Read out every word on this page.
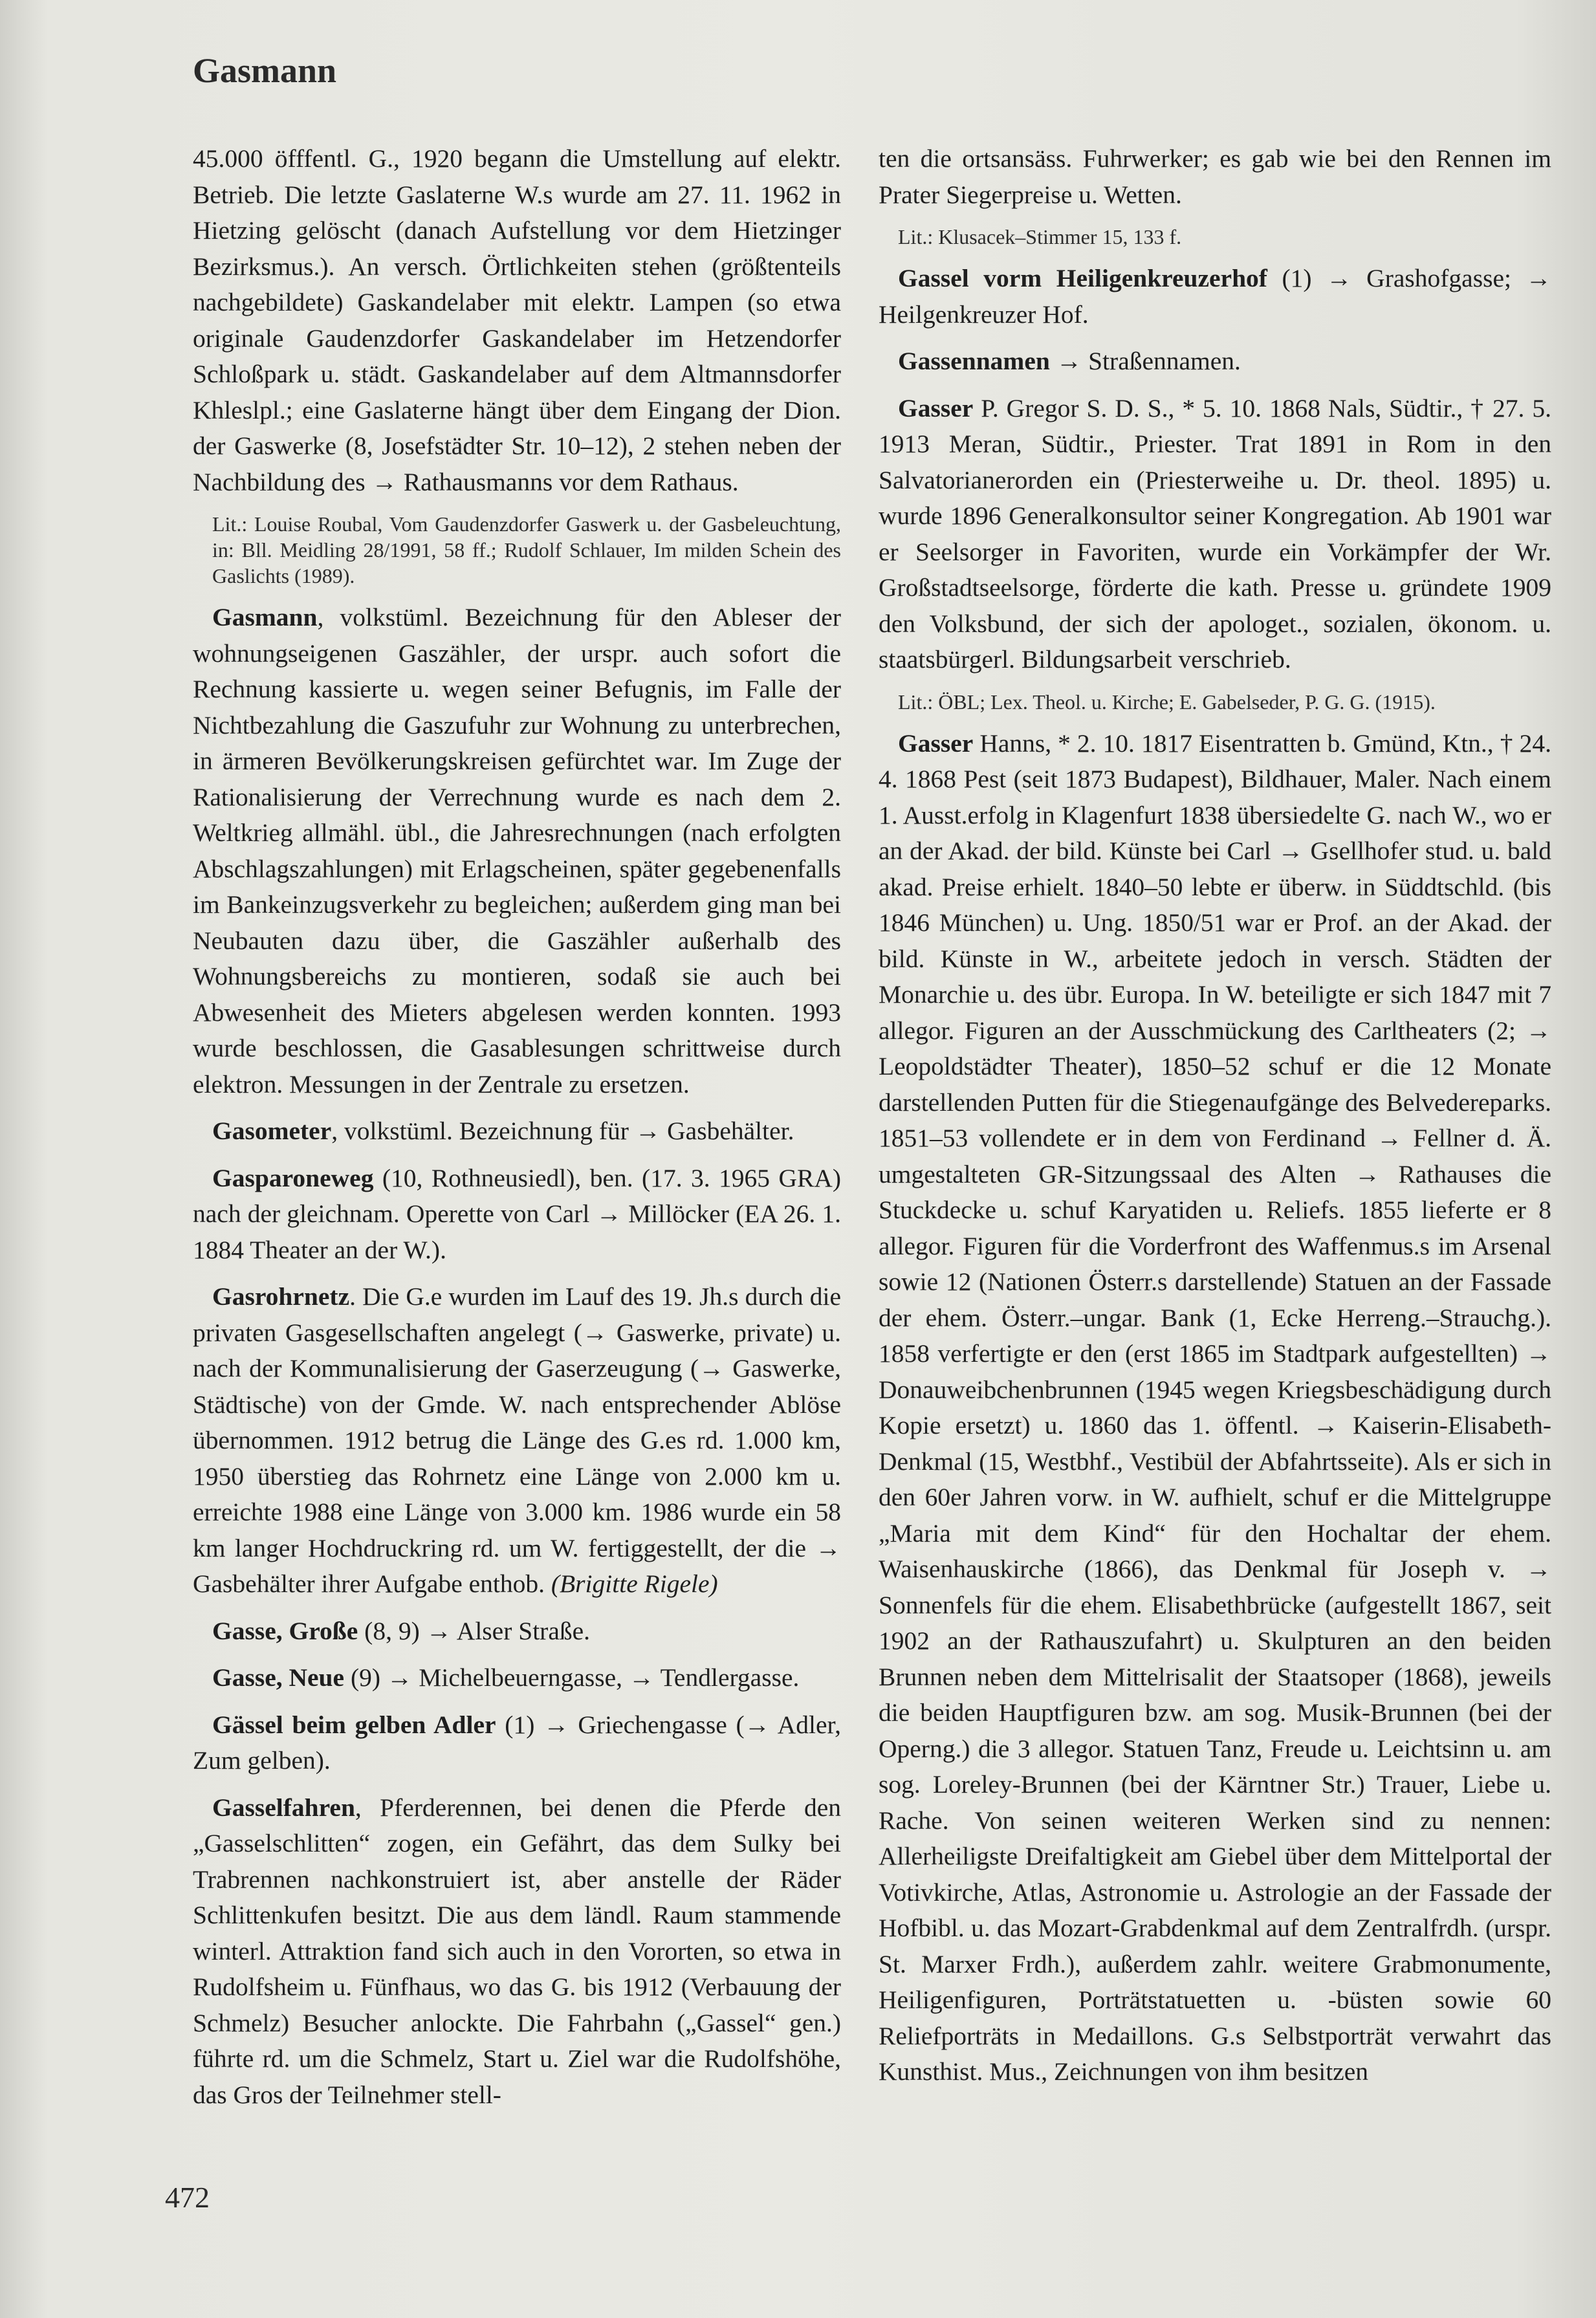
Gasmann

45.000 öfffentl. G., 1920 begann die Umstellung auf elektr. Betrieb. Die letzte Gaslaterne W.s wurde am 27. 11. 1962 in Hietzing gelöscht (danach Aufstellung vor dem Hietzinger Bezirksmus.). An versch. Örtlichkeiten stehen (größtenteils nachgebildete) Gaskandelaber mit elektr. Lampen (so etwa originale Gaudenzdorfer Gaskandelaber im Hetzendorfer Schloßpark u. städt. Gaskandelaber auf dem Altmannsdorfer Khleslpl.; eine Gaslaterne hängt über dem Eingang der Dion. der Gaswerke (8, Josefstädter Str. 10–12), 2 stehen neben der Nachbildung des → Rathausmanns vor dem Rathaus.

Lit.: Louise Roubal, Vom Gaudenzdorfer Gaswerk u. der Gasbeleuchtung, in: Bll. Meidling 28/1991, 58 ff.; Rudolf Schlauer, Im milden Schein des Gaslichts (1989).

Gasmann, volkstüml. Bezeichnung für den Ableser der wohnungseigenen Gaszähler, der urspr. auch sofort die Rechnung kassierte u. wegen seiner Befugnis, im Falle der Nichtbezahlung die Gaszufuhr zur Wohnung zu unterbrechen, in ärmeren Bevölkerungskreisen gefürchtet war. Im Zuge der Rationalisierung der Verrechnung wurde es nach dem 2. Weltkrieg allmähl. übl., die Jahresrechnungen (nach erfolgten Abschlagszahlungen) mit Erlagscheinen, später gegebenenfalls im Bankeinzugsverkehr zu begleichen; außerdem ging man bei Neubauten dazu über, die Gaszähler außerhalb des Wohnungsbereichs zu montieren, sodaß sie auch bei Abwesenheit des Mieters abgelesen werden konnten. 1993 wurde beschlossen, die Gasablesungen schrittweise durch elektron. Messungen in der Zentrale zu ersetzen.

Gasometer, volkstüml. Bezeichnung für → Gasbehälter.

Gasparoneweg (10, Rothneusiedl), ben. (17. 3. 1965 GRA) nach der gleichnam. Operette von Carl → Millöcker (EA 26. 1. 1884 Theater an der W.).

Gasrohrnetz. Die G.e wurden im Lauf des 19. Jh.s durch die privaten Gasgesellschaften angelegt (→ Gaswerke, private) u. nach der Kommunalisierung der Gaserzeugung (→ Gaswerke, Städtische) von der Gmde. W. nach entsprechender Ablöse übernommen. 1912 betrug die Länge des G.es rd. 1.000 km, 1950 überstieg das Rohrnetz eine Länge von 2.000 km u. erreichte 1988 eine Länge von 3.000 km. 1986 wurde ein 58 km langer Hochdruckring rd. um W. fertiggestellt, der die → Gasbehälter ihrer Aufgabe enthob. (Brigitte Rigele)

Gasse, Große (8, 9) → Alser Straße.

Gasse, Neue (9) → Michelbeuerngasse, → Tendlergasse.

Gässel beim gelben Adler (1) → Griechengasse (→ Adler, Zum gelben).

Gasselfahren, Pferderennen, bei denen die Pferde den „Gasselschlitten“ zogen, ein Gefährt, das dem Sulky bei Trabrennen nachkonstruiert ist, aber anstelle der Räder Schlittenkufen besitzt. Die aus dem ländl. Raum stammende winterl. Attraktion fand sich auch in den Vororten, so etwa in Rudolfsheim u. Fünfhaus, wo das G. bis 1912 (Verbauung der Schmelz) Besucher anlockte. Die Fahrbahn („Gassel“ gen.) führte rd. um die Schmelz, Start u. Ziel war die Rudolfshöhe, das Gros der Teilnehmer stell-

ten die ortsansäss. Fuhrwerker; es gab wie bei den Rennen im Prater Siegerpreise u. Wetten.

Lit.: Klusacek–Stimmer 15, 133 f.

Gassel vorm Heiligenkreuzerhof (1) → Grashofgasse; → Heilgenkreuzer Hof.

Gassennamen → Straßennamen.

Gasser P. Gregor S. D. S., * 5. 10. 1868 Nals, Südtir., † 27. 5. 1913 Meran, Südtir., Priester. Trat 1891 in Rom in den Salvatorianerorden ein (Priesterweihe u. Dr. theol. 1895) u. wurde 1896 Generalkonsultor seiner Kongregation. Ab 1901 war er Seelsorger in Favoriten, wurde ein Vorkämpfer der Wr. Großstadtseelsorge, förderte die kath. Presse u. gründete 1909 den Volksbund, der sich der apologet., sozialen, ökonom. u. staatsbürgerl. Bildungsarbeit verschrieb.

Lit.: ÖBL; Lex. Theol. u. Kirche; E. Gabelseder, P. G. G. (1915).

Gasser Hanns, * 2. 10. 1817 Eisentratten b. Gmünd, Ktn., † 24. 4. 1868 Pest (seit 1873 Budapest), Bildhauer, Maler. Nach einem 1. Ausst.erfolg in Klagenfurt 1838 übersiedelte G. nach W., wo er an der Akad. der bild. Künste bei Carl → Gsellhofer stud. u. bald akad. Preise erhielt. 1840–50 lebte er überw. in Süddtschld. (bis 1846 München) u. Ung. 1850/51 war er Prof. an der Akad. der bild. Künste in W., arbeitete jedoch in versch. Städten der Monarchie u. des übr. Europa. In W. beteiligte er sich 1847 mit 7 allegor. Figuren an der Ausschmückung des Carltheaters (2; → Leopoldstädter Theater), 1850–52 schuf er die 12 Monate darstellenden Putten für die Stiegenaufgänge des Belvedereparks. 1851–53 vollendete er in dem von Ferdinand → Fellner d. Ä. umgestalteten GR-Sitzungssaal des Alten → Rathauses die Stuckdecke u. schuf Karyatiden u. Reliefs. 1855 lieferte er 8 allegor. Figuren für die Vorderfront des Waffenmus.s im Arsenal sowie 12 (Nationen Österr.s darstellende) Statuen an der Fassade der ehem. Österr.–ungar. Bank (1, Ecke Herreng.–Strauchg.). 1858 verfertigte er den (erst 1865 im Stadtpark aufgestellten) → Donauweibchenbrunnen (1945 wegen Kriegsbeschädigung durch Kopie ersetzt) u. 1860 das 1. öffentl. → Kaiserin-Elisabeth-Denkmal (15, Westbhf., Vestibül der Abfahrtsseite). Als er sich in den 60er Jahren vorw. in W. aufhielt, schuf er die Mittelgruppe „Maria mit dem Kind“ für den Hochaltar der ehem. Waisenhauskirche (1866), das Denkmal für Joseph v. → Sonnenfels für die ehem. Elisabethbrücke (aufgestellt 1867, seit 1902 an der Rathauszufahrt) u. Skulpturen an den beiden Brunnen neben dem Mittelrisalit der Staatsoper (1868), jeweils die beiden Hauptfiguren bzw. am sog. Musik-Brunnen (bei der Operng.) die 3 allegor. Statuen Tanz, Freude u. Leichtsinn u. am sog. Loreley-Brunnen (bei der Kärntner Str.) Trauer, Liebe u. Rache. Von seinen weiteren Werken sind zu nennen: Allerheiligste Dreifaltigkeit am Giebel über dem Mittelportal der Votivkirche, Atlas, Astronomie u. Astrologie an der Fassade der Hofbibl. u. das Mozart-Grabdenkmal auf dem Zentralfrdh. (urspr. St. Marxer Frdh.), außerdem zahlr. weitere Grabmonumente, Heiligenfiguren, Porträtstatuetten u. -büsten sowie 60 Reliefporträts in Medaillons. G.s Selbstporträt verwahrt das Kunsthist. Mus., Zeichnungen von ihm besitzen

472
